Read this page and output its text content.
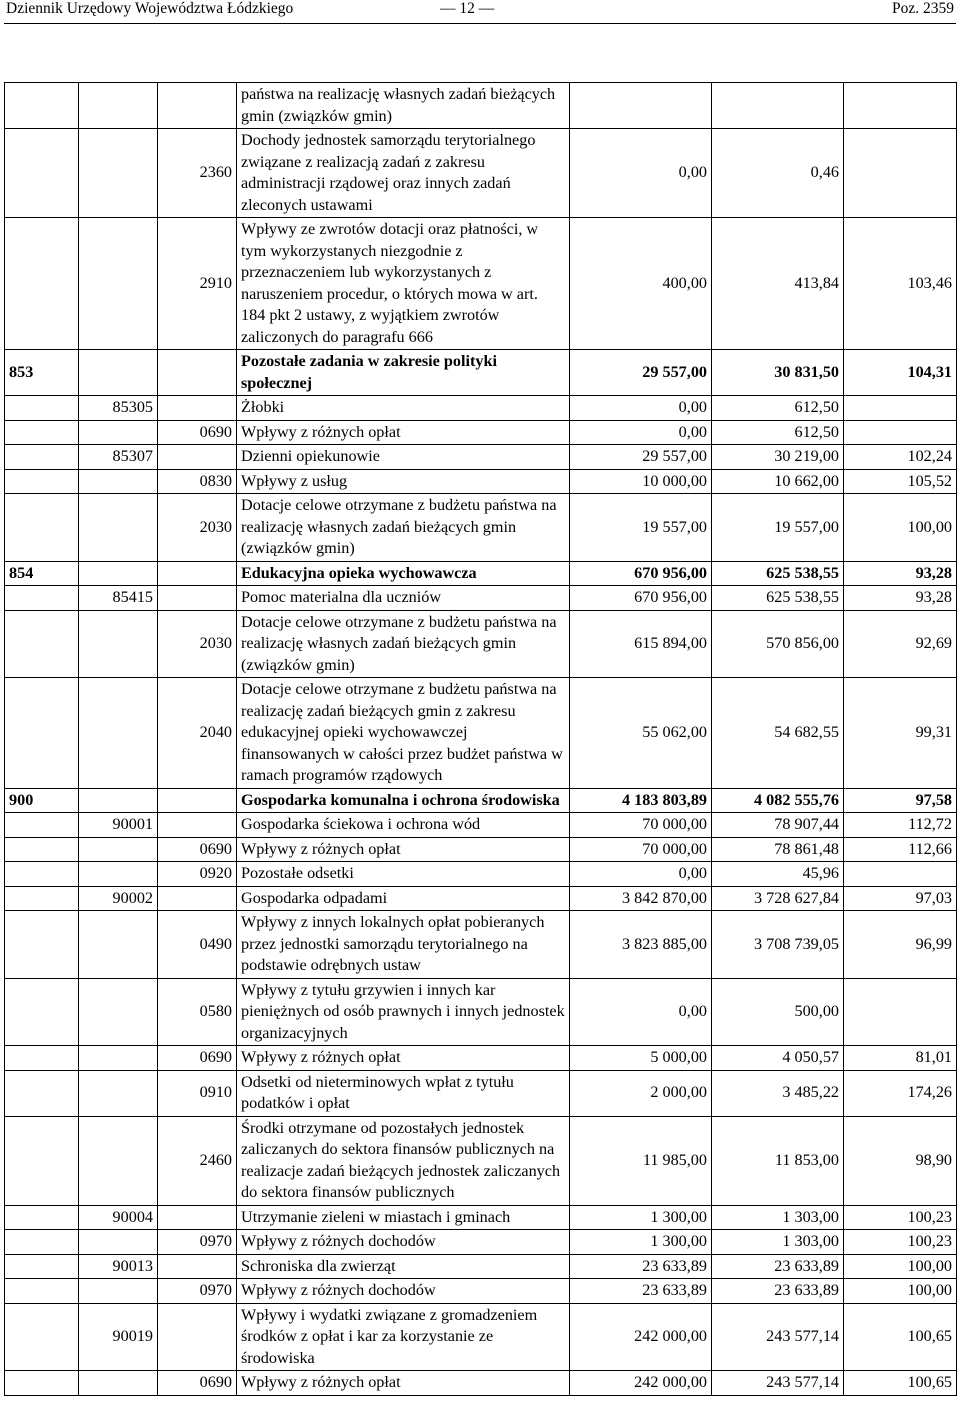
Dziennik Urzędowy Województwa Łódzkiego	— 12 —	Poz. 2359
			państwa na realizację własnych zadań bieżących gmin (związków gmin)			
		2360	Dochody jednostek samorządu terytorialnego związane z realizacją zadań z zakresu administracji rządowej oraz innych zadań zleconych ustawami	0,00	0,46	
		2910	Wpływy ze zwrotów dotacji oraz płatności, w tym wykorzystanych niezgodnie z przeznaczeniem lub wykorzystanych z naruszeniem procedur, o których mowa w art. 184 pkt 2 ustawy, z wyjątkiem zwrotów zaliczonych do paragrafu 666	400,00	413,84	103,46
853			Pozostałe zadania w zakresie polityki społecznej	29 557,00	30 831,50	104,31
	85305		Żłobki	0,00	612,50	
		0690	Wpływy z różnych opłat	0,00	612,50	
	85307		Dzienni opiekunowie	29 557,00	30 219,00	102,24
		0830	Wpływy z usług	10 000,00	10 662,00	105,52
		2030	Dotacje celowe otrzymane z budżetu państwa na realizację własnych zadań bieżących gmin (związków gmin)	19 557,00	19 557,00	100,00
854			Edukacyjna opieka wychowawcza	670 956,00	625 538,55	93,28
	85415		Pomoc materialna dla uczniów	670 956,00	625 538,55	93,28
		2030	Dotacje celowe otrzymane z budżetu państwa na realizację własnych zadań bieżących gmin (związków gmin)	615 894,00	570 856,00	92,69
		2040	Dotacje celowe otrzymane z budżetu państwa na realizację zadań bieżących gmin z zakresu edukacyjnej opieki wychowawczej finansowanych w całości przez budżet państwa w ramach programów rządowych	55 062,00	54 682,55	99,31
900			Gospodarka komunalna i ochrona środowiska	4 183 803,89	4 082 555,76	97,58
	90001		Gospodarka ściekowa i ochrona wód	70 000,00	78 907,44	112,72
		0690	Wpływy z różnych opłat	70 000,00	78 861,48	112,66
		0920	Pozostałe odsetki	0,00	45,96	
	90002		Gospodarka odpadami	3 842 870,00	3 728 627,84	97,03
		0490	Wpływy z innych lokalnych opłat pobieranych przez jednostki samorządu terytorialnego na podstawie odrębnych ustaw	3 823 885,00	3 708 739,05	96,99
		0580	Wpływy z tytułu grzywien i innych kar pieniężnych od osób prawnych i innych jednostek organizacyjnych	0,00	500,00	
		0690	Wpływy z różnych opłat	5 000,00	4 050,57	81,01
		0910	Odsetki od nieterminowych wpłat z tytułu podatków i opłat	2 000,00	3 485,22	174,26
		2460	Środki otrzymane od pozostałych jednostek zaliczanych do sektora finansów publicznych na realizacje zadań bieżących jednostek zaliczanych do sektora finansów publicznych	11 985,00	11 853,00	98,90
	90004		Utrzymanie zieleni w miastach i gminach	1 300,00	1 303,00	100,23
		0970	Wpływy z różnych dochodów	1 300,00	1 303,00	100,23
	90013		Schroniska dla zwierząt	23 633,89	23 633,89	100,00
		0970	Wpływy z różnych dochodów	23 633,89	23 633,89	100,00
	90019		Wpływy i wydatki związane z gromadzeniem środków z opłat i kar za korzystanie ze środowiska	242 000,00	243 577,14	100,65
		0690	Wpływy z różnych opłat	242 000,00	243 577,14	100,65
